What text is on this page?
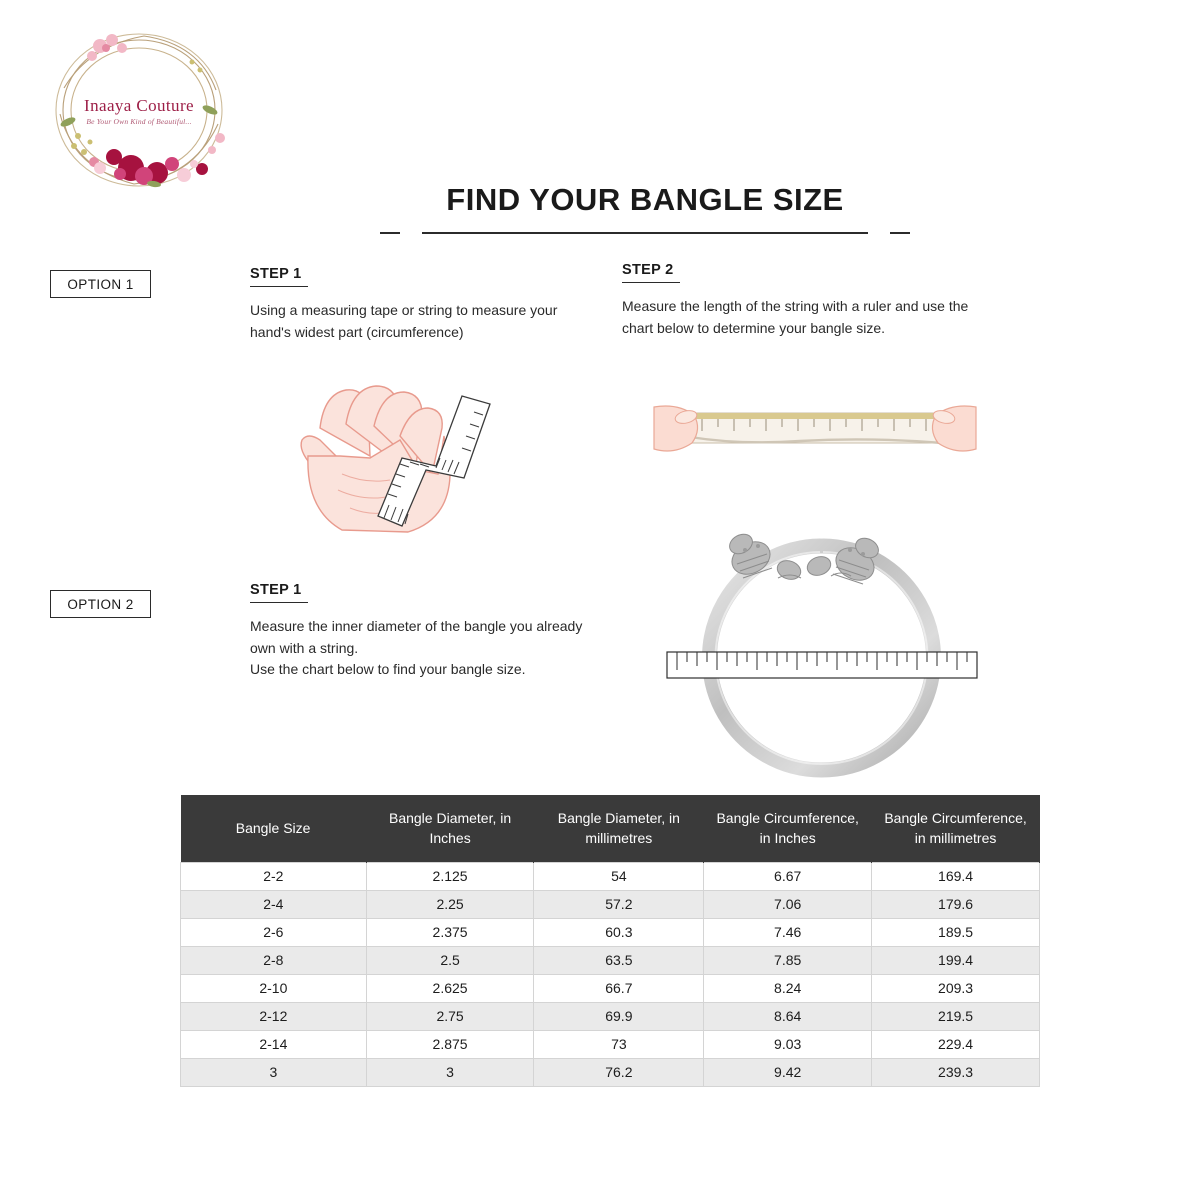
Inaaya Couture
Be Your Own Kind of Beautiful...
FIND YOUR BANGLE SIZE
OPTION 1
OPTION 2
STEP 1
Using a measuring tape or string to measure your hand's widest part (circumference)
STEP 2
Measure the length of the string with a ruler and use the chart below to determine your bangle size.
STEP 1
Measure the inner diameter of the bangle you already own with a string.
Use the chart below to find your bangle size.
Bangle Size	Bangle Diameter, in Inches	Bangle Diameter, in millimetres	Bangle Circumference, in Inches	Bangle Circumference, in millimetres
2-2	2.125	54	6.67	169.4
2-4	2.25	57.2	7.06	179.6
2-6	2.375	60.3	7.46	189.5
2-8	2.5	63.5	7.85	199.4
2-10	2.625	66.7	8.24	209.3
2-12	2.75	69.9	8.64	219.5
2-14	2.875	73	9.03	229.4
3	3	76.2	9.42	239.3
